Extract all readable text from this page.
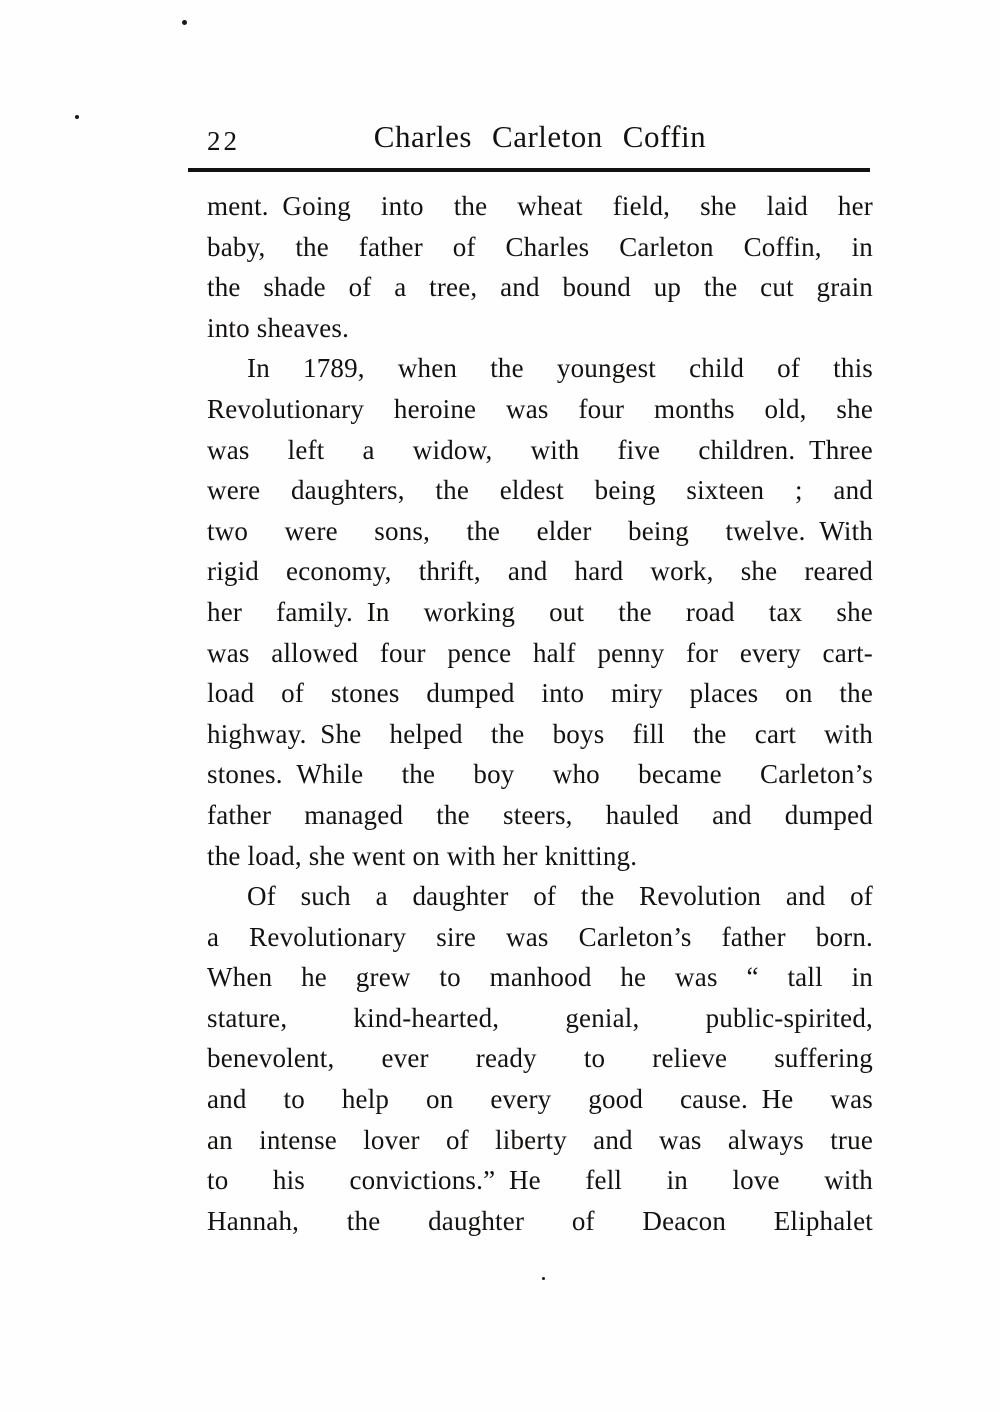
22	Charles Carleton Coffin
ment. Going into the wheat field, she laid her
baby, the father of Charles Carleton Coffin, in
the shade of a tree, and bound up the cut grain
into sheaves.
In 1789, when the youngest child of this
Revolutionary heroine was four months old, she
was left a widow, with five children. Three
were daughters, the eldest being sixteen ; and
two were sons, the elder being twelve. With
rigid economy, thrift, and hard work, she reared
her family. In working out the road tax she
was allowed four pence half penny for every cart-
load of stones dumped into miry places on the
highway. She helped the boys fill the cart with
stones. While the boy who became Carleton’s
father managed the steers, hauled and dumped
the load, she went on with her knitting.
Of such a daughter of the Revolution and of
a Revolutionary sire was Carleton’s father born.
When he grew to manhood he was “ tall in
stature, kind-hearted, genial, public-spirited,
benevolent, ever ready to relieve suffering
and to help on every good cause. He was
an intense lover of liberty and was always true
to his convictions.” He fell in love with
Hannah, the daughter of Deacon Eliphalet
